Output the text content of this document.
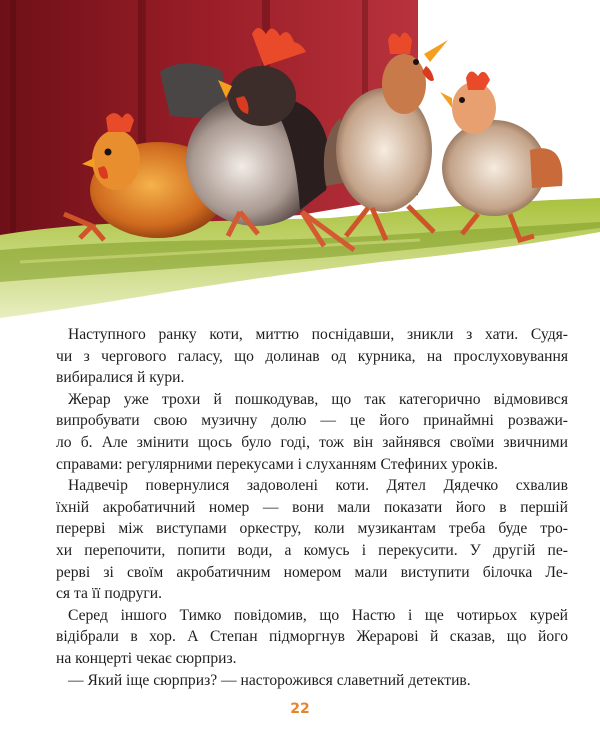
Наступного ранку коти, миттю поснідавши, зникли з хати. Судя-
чи з чергового галасу, що долинав од курника, на прослуховування
вибиралися й кури.

Жерар уже трохи й пошкодував, що так категорично відмовився
випробувати свою музичну долю — це його принаймні розважи-
ло б. Але змінити щось було годі, тож він зайнявся своїми звичними
справами: регулярними перекусами і слуханням Стефиних уроків.

Надвечір повернулися задоволені коти. Дятел Дядечко схвалив
їхній акробатичний номер — вони мали показати його в першій
перерві між виступами оркестру, коли музикантам треба буде тро-
хи перепочити, попити води, а комусь і перекусити. У другій пе-
рерві зі своїм акробатичним номером мали виступити білочка Ле-
ся та її подруги.

Серед іншого Тимко повідомив, що Настю і ще чотирьох курей
відібрали в хор. А Степан підморгнув Жерарові й сказав, що його
на концерті чекає сюрприз.

— Який іще сюрприз? — насторожився славетний детектив.

22
